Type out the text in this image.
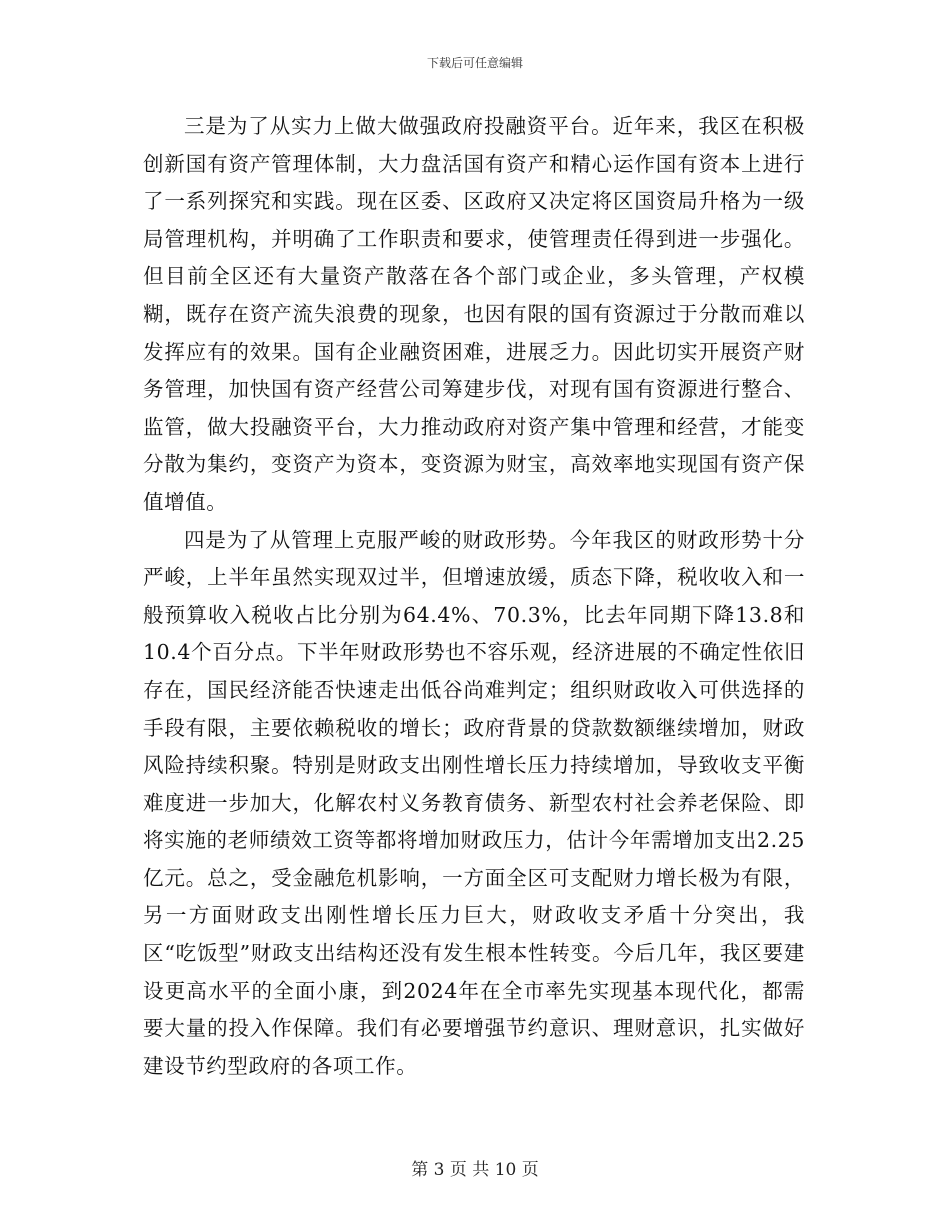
下载后可任意编辑

三是为了从实力上做大做强政府投融资平台。近年来，我区在积极创新国有资产管理体制，大力盘活国有资产和精心运作国有资本上进行了一系列探究和实践。现在区委、区政府又决定将区国资局升格为一级局管理机构，并明确了工作职责和要求，使管理责任得到进一步强化。但目前全区还有大量资产散落在各个部门或企业，多头管理，产权模糊，既存在资产流失浪费的现象，也因有限的国有资源过于分散而难以发挥应有的效果。国有企业融资困难，进展乏力。因此切实开展资产财务管理，加快国有资产经营公司筹建步伐，对现有国有资源进行整合、监管，做大投融资平台，大力推动政府对资产集中管理和经营，才能变分散为集约，变资产为资本，变资源为财宝，高效率地实现国有资产保值增值。

四是为了从管理上克服严峻的财政形势。今年我区的财政形势十分严峻，上半年虽然实现双过半，但增速放缓，质态下降，税收收入和一般预算收入税收占比分别为64.4%、70.3%，比去年同期下降13.8和10.4个百分点。下半年财政形势也不容乐观，经济进展的不确定性依旧存在，国民经济能否快速走出低谷尚难判定；组织财政收入可供选择的手段有限，主要依赖税收的增长；政府背景的贷款数额继续增加，财政风险持续积聚。特别是财政支出刚性增长压力持续增加，导致收支平衡难度进一步加大，化解农村义务教育债务、新型农村社会养老保险、即将实施的老师绩效工资等都将增加财政压力，估计今年需增加支出2.25亿元。总之，受金融危机影响，一方面全区可支配财力增长极为有限，另一方面财政支出刚性增长压力巨大，财政收支矛盾十分突出，我区“吃饭型”财政支出结构还没有发生根本性转变。今后几年，我区要建设更高水平的全面小康，到2024年在全市率先实现基本现代化，都需要大量的投入作保障。我们有必要增强节约意识、理财意识，扎实做好建设节约型政府的各项工作。

第 3 页 共 10 页
